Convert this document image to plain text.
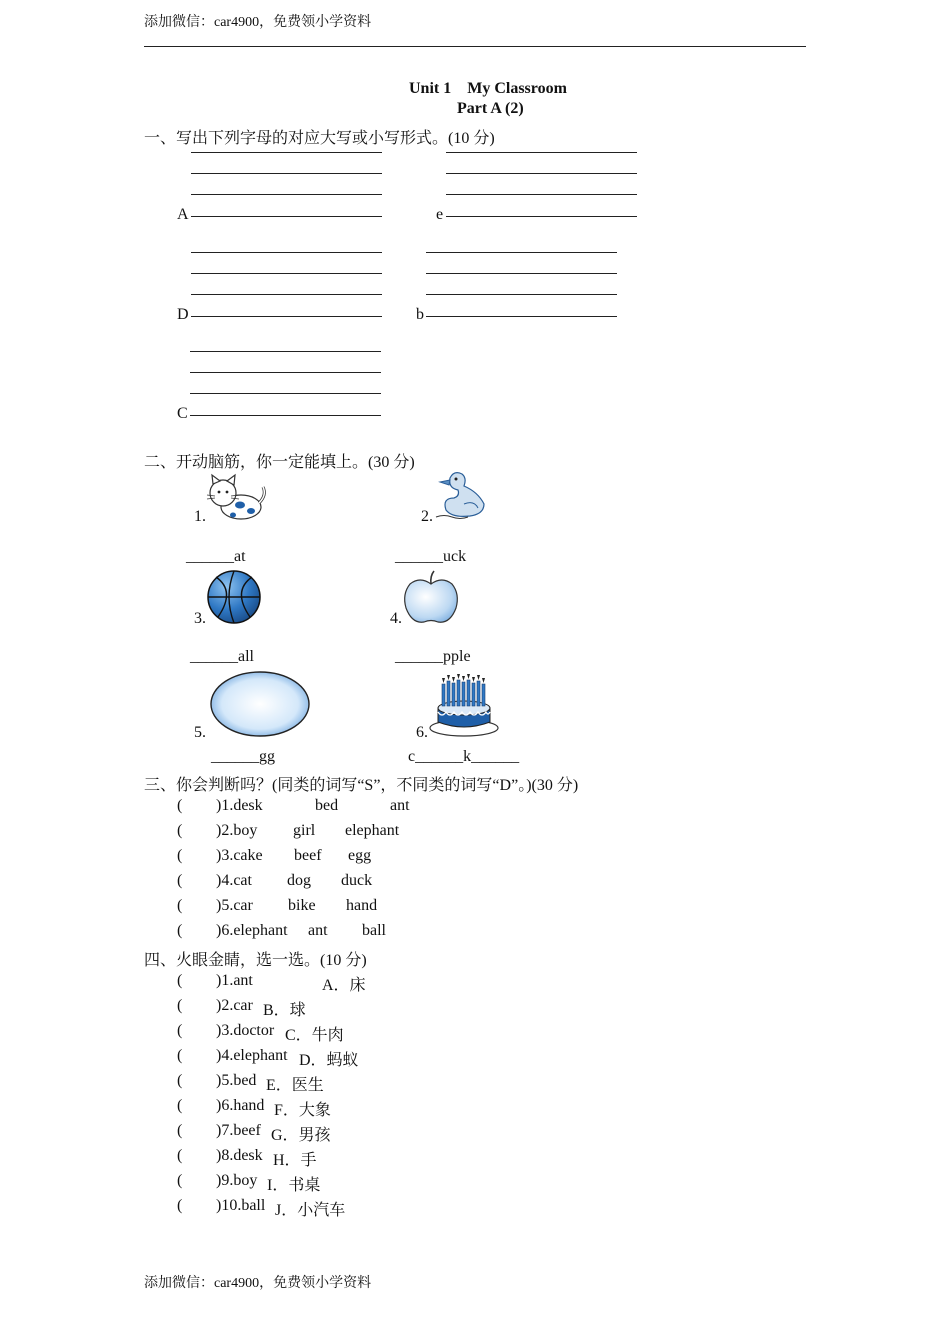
添加微信：car4900，免费领小学资料
Unit 1　My Classroom
Part A (2)
一、写出下列字母的对应大写或小写形式。(10 分)
A	e
D	b
C
二、开动脑筋，你一定能填上。(30 分)
1.
______at
2.
______uck
3.
______all
4.
______pple
5.
______gg
6.
c______k______
三、你会判断吗？(同类的词写“S”，不同类的词写“D”。)(30 分)
( )1.desk	bed	ant
( )2.boy girl elephant
( )3.cake beef egg
( )4.cat dog duck
( )5.car bike hand
( )6.elephant ant ball
四、火眼金睛，选一选。(10 分)
( )1.ant	A．床
( )2.car B．球
( )3.doctor C．牛肉
( )4.elephant D．蚂蚁
( )5.bed E．医生
( )6.hand F．大象
( )7.beef G．男孩
( )8.desk H．手
( )9.boy I．书桌
( )10.ball J．小汽车
添加微信：car4900，免费领小学资料
